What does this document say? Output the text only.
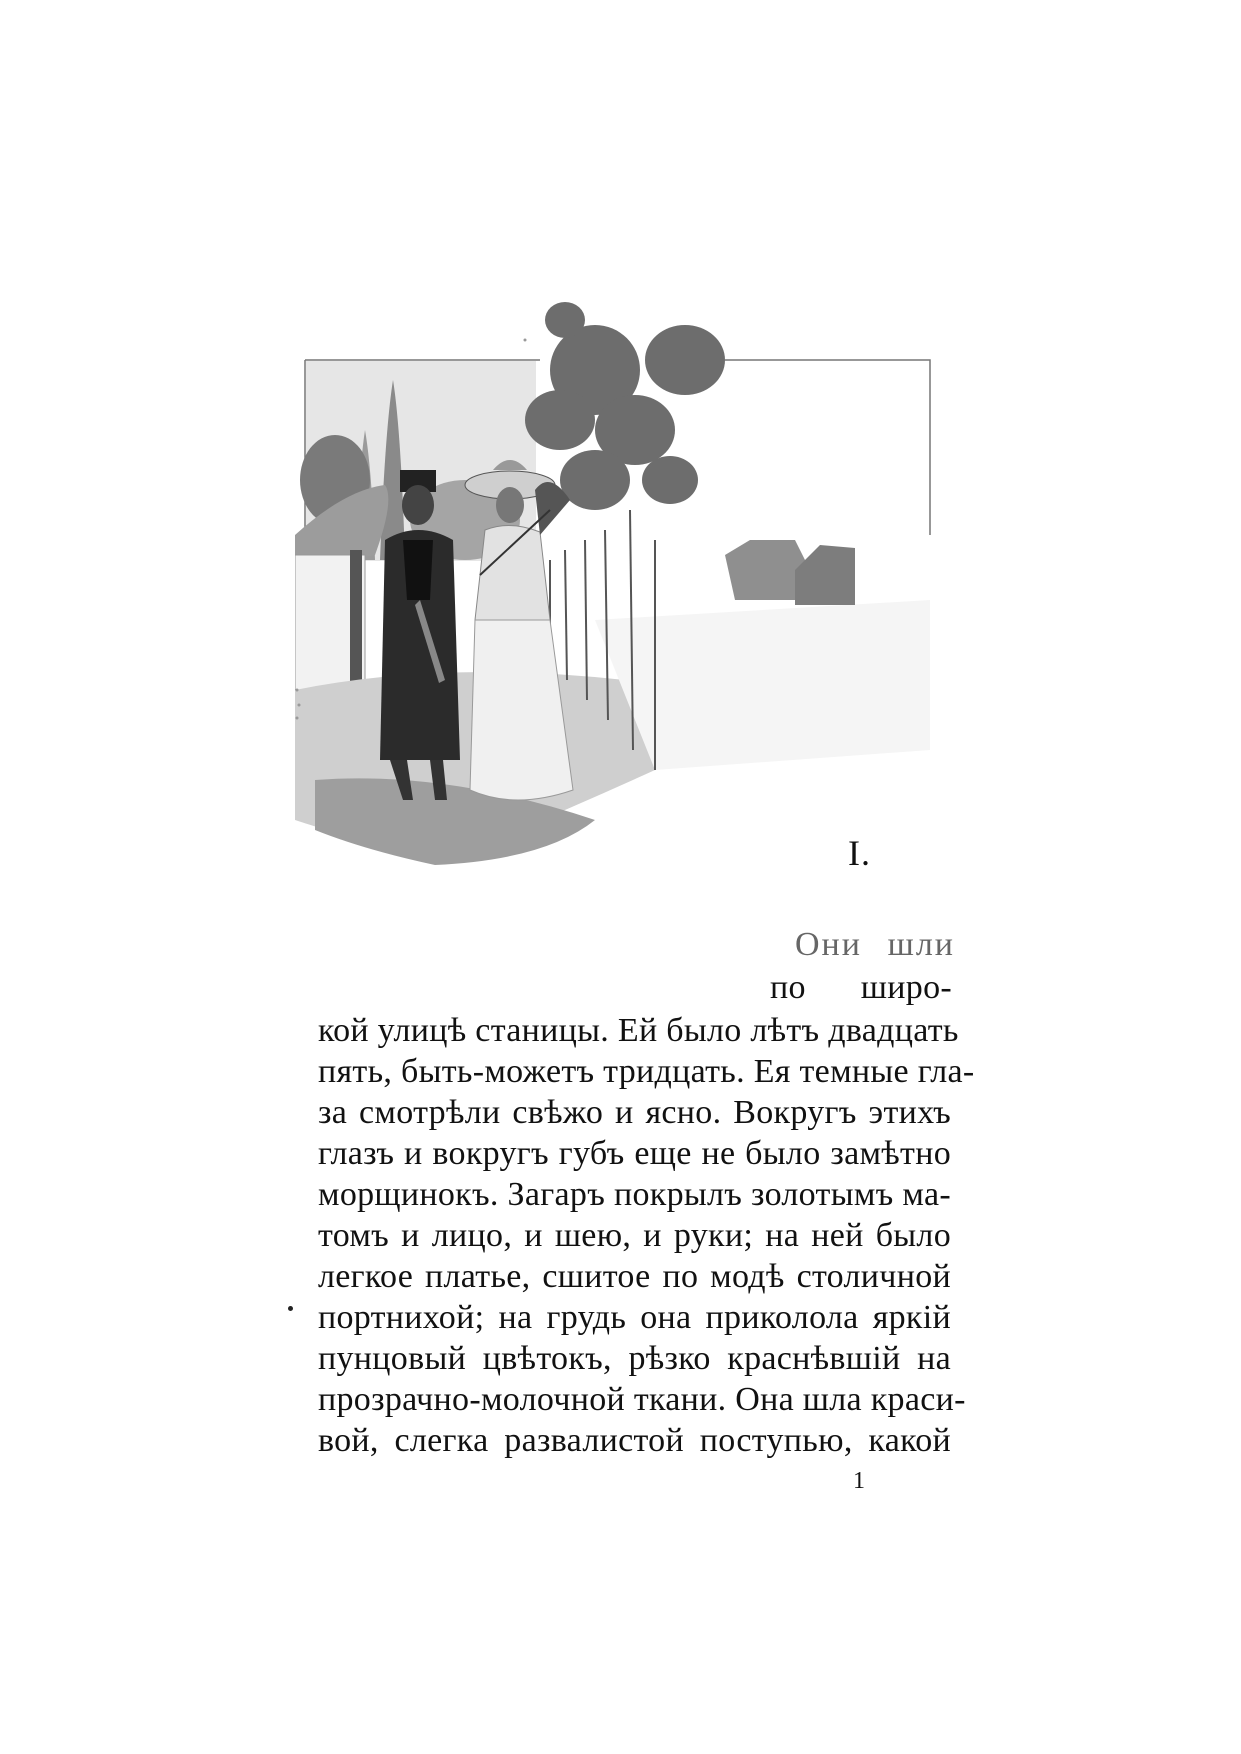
I.
Они шли
по широ-
кой улицѣ станицы. Ей было лѣтъ двадцать
пять, быть-можетъ тридцать. Ея темные гла-
за смотрѣли свѣжо и ясно. Вокругъ этихъ
глазъ и вокругъ губъ еще не было замѣтно
морщинокъ. Загаръ покрылъ золотымъ ма-
томъ и лицо, и шею, и руки; на ней было
легкое платье, сшитое по модѣ столичной
портнихой; на грудь она приколола яркій
пунцовый цвѣтокъ, рѣзко краснѣвшій на
прозрачно-молочной ткани. Она шла краси-
вой, слегка развалистой поступью, какой
1
